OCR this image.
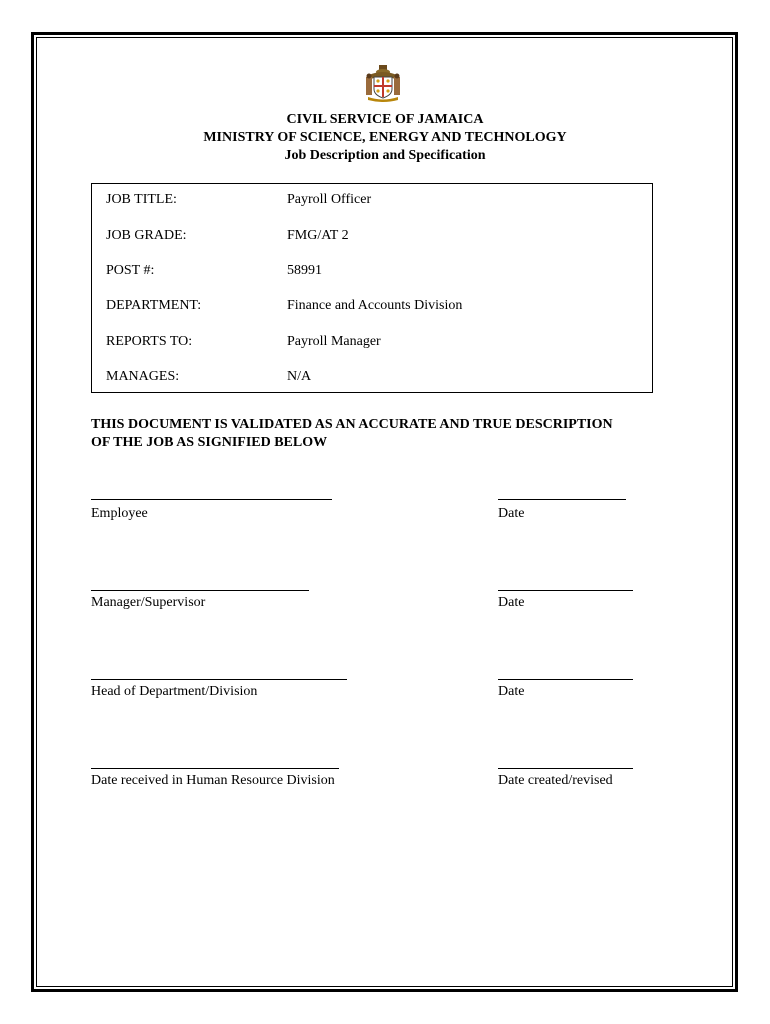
CIVIL SERVICE OF JAMAICA
MINISTRY OF SCIENCE, ENERGY AND TECHNOLOGY
Job Description and Specification
JOB TITLE:	Payroll Officer
JOB GRADE:	FMG/AT 2
POST #:	58991
DEPARTMENT:	Finance and Accounts Division
REPORTS TO:	Payroll Manager
MANAGES:	N/A
THIS DOCUMENT IS VALIDATED AS AN ACCURATE AND TRUE DESCRIPTION
OF THE JOB AS SIGNIFIED BELOW
Employee	Date
Manager/Supervisor	Date
Head of Department/Division	Date
Date received in Human Resource Division	Date created/revised
